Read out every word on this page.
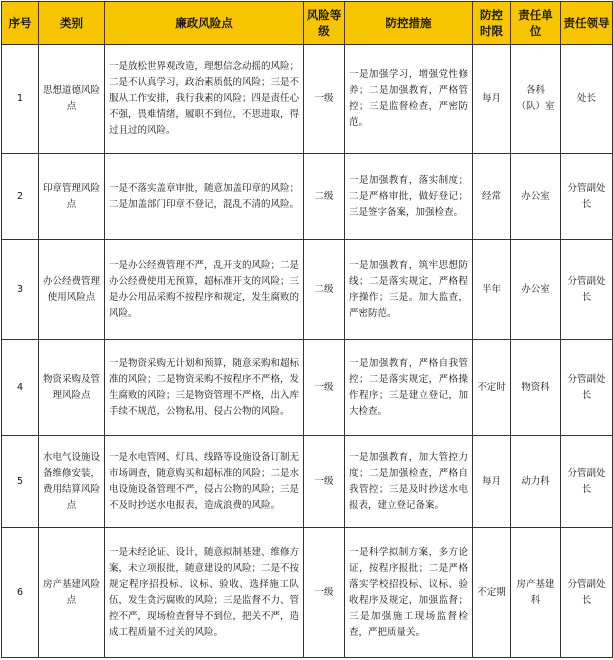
序号	类别	廉政风险点	风险等级	防控措施	防控时限	责任单位	责任领导
1	思想道德风险点	一是放松世界观改造，理想信念动摇的风险；二是不认真学习，政治素质低的风险；三是不服从工作安排，我行我素的风险；四是责任心不强，畏难情绪，履职不到位，不思进取，得过且过的风险。	一级	一是加强学习，增强党性修养；二是加强教育，严格管控；三是监督检查，严密防范。	每月	各科（队）室	处长
2	印章管理风险点	一是不落实盖章审批，随意加盖印章的风险；二是加盖部门印章不登记，混乱不清的风险。	二级	一是加强教育，落实制度；二是严格审批，做好登记；三是签字备案，加强检查。	经常	办公室	分管副处长
3	办公经费管理使用风险点	一是办公经费管理不严，乱开支的风险；二是办公经费使用无预算，超标准开支的风险；三是办公用品采购不按程序和规定，发生腐败的风险。	二级	一是加强教育，筑牢思想防线；二是落实规定，严格程序操作；三是。加大监查，严密防范。	半年	办公室	分管副处长
4	物资采购及管理风险点	一是物资采购无计划和预算，随意采购和超标准的风险；二是物资采购不按程序不严格，发生腐败的风险；三是物资管理不严格，出入库手续不规范，公物私用、侵占公物的风险。	一级	一是加强教育，严格自我管控；二是落实规定，严格操作程序；三是建立登记，加大检查。	不定时	物资科	分管副处长
5	水电气设施设备维修安装，费用结算风险点	一是水电管网、灯具、线路等设施设备订制无市场调查，随意购买和超标准的风险；二是水电设施设备管理不严，侵占公物的风险；三是不及时抄送水电报表，造成浪费的风险。	一级	一是加强教育，加大管控力度；二是加强检查，严格自我管控；三是及时抄送水电报表，建立登记备案。	每月	动力科	分管副处长
6	房产基建风险点	一是未经论证、设计，随意拟制基建、维修方案，未立项报批，随意建设的风险；二是不按规定程序招投标、议标、验收、选择施工队伍，发生贪污腐败的风险；三是监督不力、管控不严，现场检查督导不到位，把关不严，造成工程质量不过关的风险。	一级	一是科学拟制方案，多方论证，按程序报批；二是严格落实学校招投标、议标、验收程序及规定，加强监督；三是加强施工现场监督检查，严把质量关。	不定期	房产基建科	分管副处长
